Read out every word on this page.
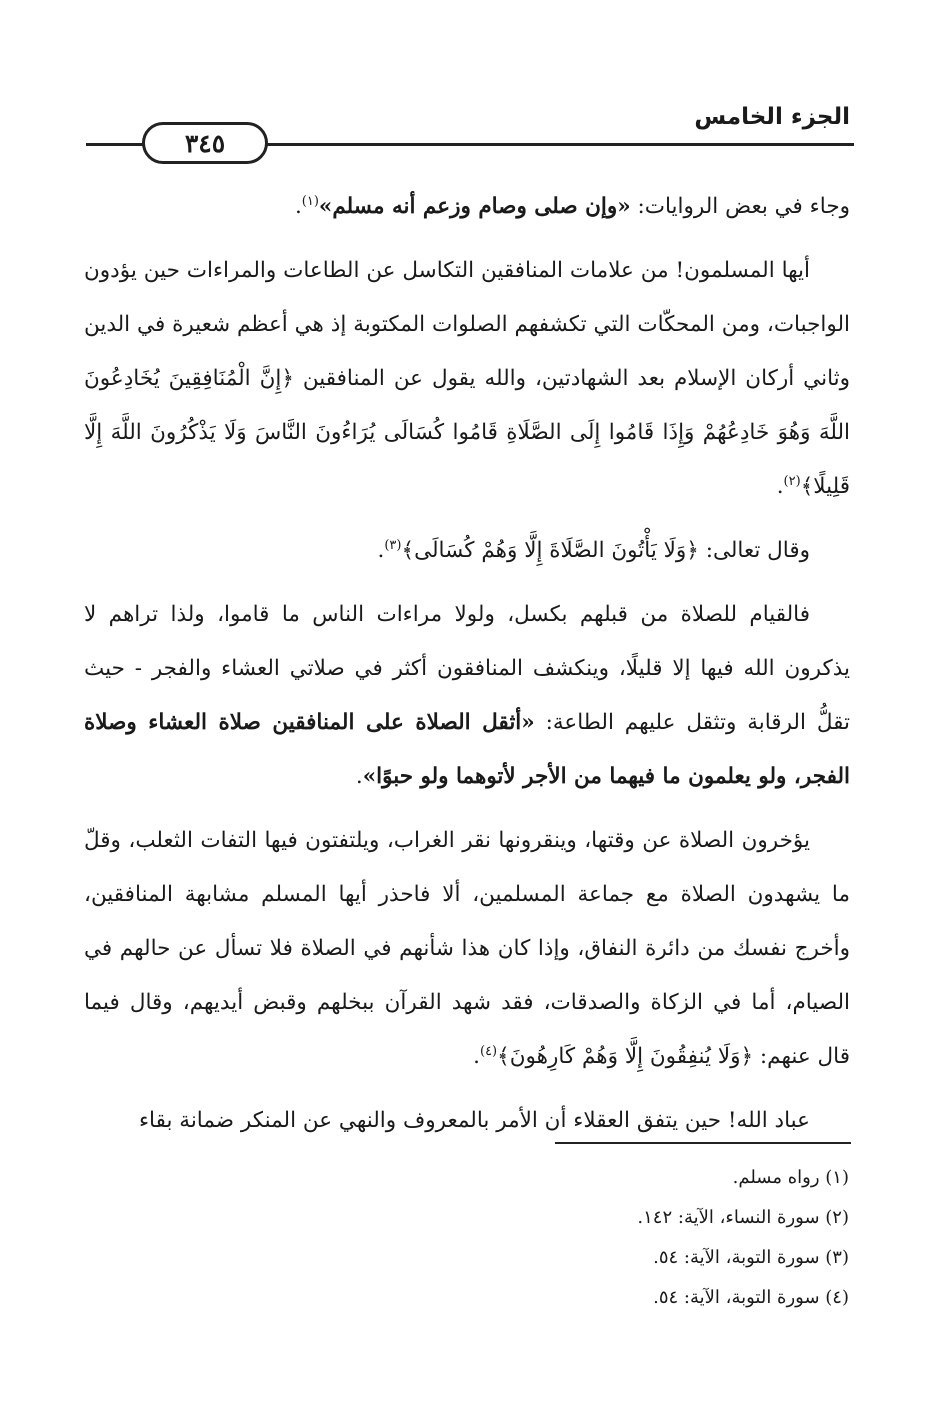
الجزء الخامس
٣٤٥

وجاء في بعض الروايات: «وإن صلى وصام وزعم أنه مسلم»$^{(١)}$.

أيها المسلمون! من علامات المنافقين التكاسل عن الطاعات والمراءات حين يؤدون الواجبات، ومن المحكّات التي تكشفهم الصلوات المكتوبة إذ هي أعظم شعيرة في الدين وثاني أركان الإسلام بعد الشهادتين، والله يقول عن المنافقين ﴿إِنَّ الْمُنَافِقِينَ يُخَادِعُونَ اللَّهَ وَهُوَ خَادِعُهُمْ وَإِذَا قَامُوا إِلَى الصَّلَاةِ قَامُوا كُسَالَى يُرَاءُونَ النَّاسَ وَلَا يَذْكُرُونَ اللَّهَ إِلَّا قَلِيلًا﴾$^{(٢)}$.

وقال تعالى: ﴿وَلَا يَأْتُونَ الصَّلَاةَ إِلَّا وَهُمْ كُسَالَى﴾$^{(٣)}$.

فالقيام للصلاة من قبلهم بكسل، ولولا مراءات الناس ما قاموا، ولذا تراهم لا يذكرون الله فيها إلا قليلًا، وينكشف المنافقون أكثر في صلاتي العشاء والفجر - حيث تقلُّ الرقابة وتثقل عليهم الطاعة: «أثقل الصلاة على المنافقين صلاة العشاء وصلاة الفجر، ولو يعلمون ما فيهما من الأجر لأتوهما ولو حبوًا».

يؤخرون الصلاة عن وقتها، وينقرونها نقر الغراب، ويلتفتون فيها التفات الثعلب، وقلّ ما يشهدون الصلاة مع جماعة المسلمين، ألا فاحذر أيها المسلم مشابهة المنافقين، وأخرج نفسك من دائرة النفاق، وإذا كان هذا شأنهم في الصلاة فلا تسأل عن حالهم في الصيام، أما في الزكاة والصدقات، فقد شهد القرآن ببخلهم وقبض أيديهم، وقال فيما قال عنهم: ﴿وَلَا يُنفِقُونَ إِلَّا وَهُمْ كَارِهُونَ﴾$^{(٤)}$.

عباد الله! حين يتفق العقلاء أن الأمر بالمعروف والنهي عن المنكر ضمانة بقاء

(١) رواه مسلم.
(٢) سورة النساء، الآية: ١٤٢.
(٣) سورة التوبة، الآية: ٥٤.
(٤) سورة التوبة، الآية: ٥٤.
